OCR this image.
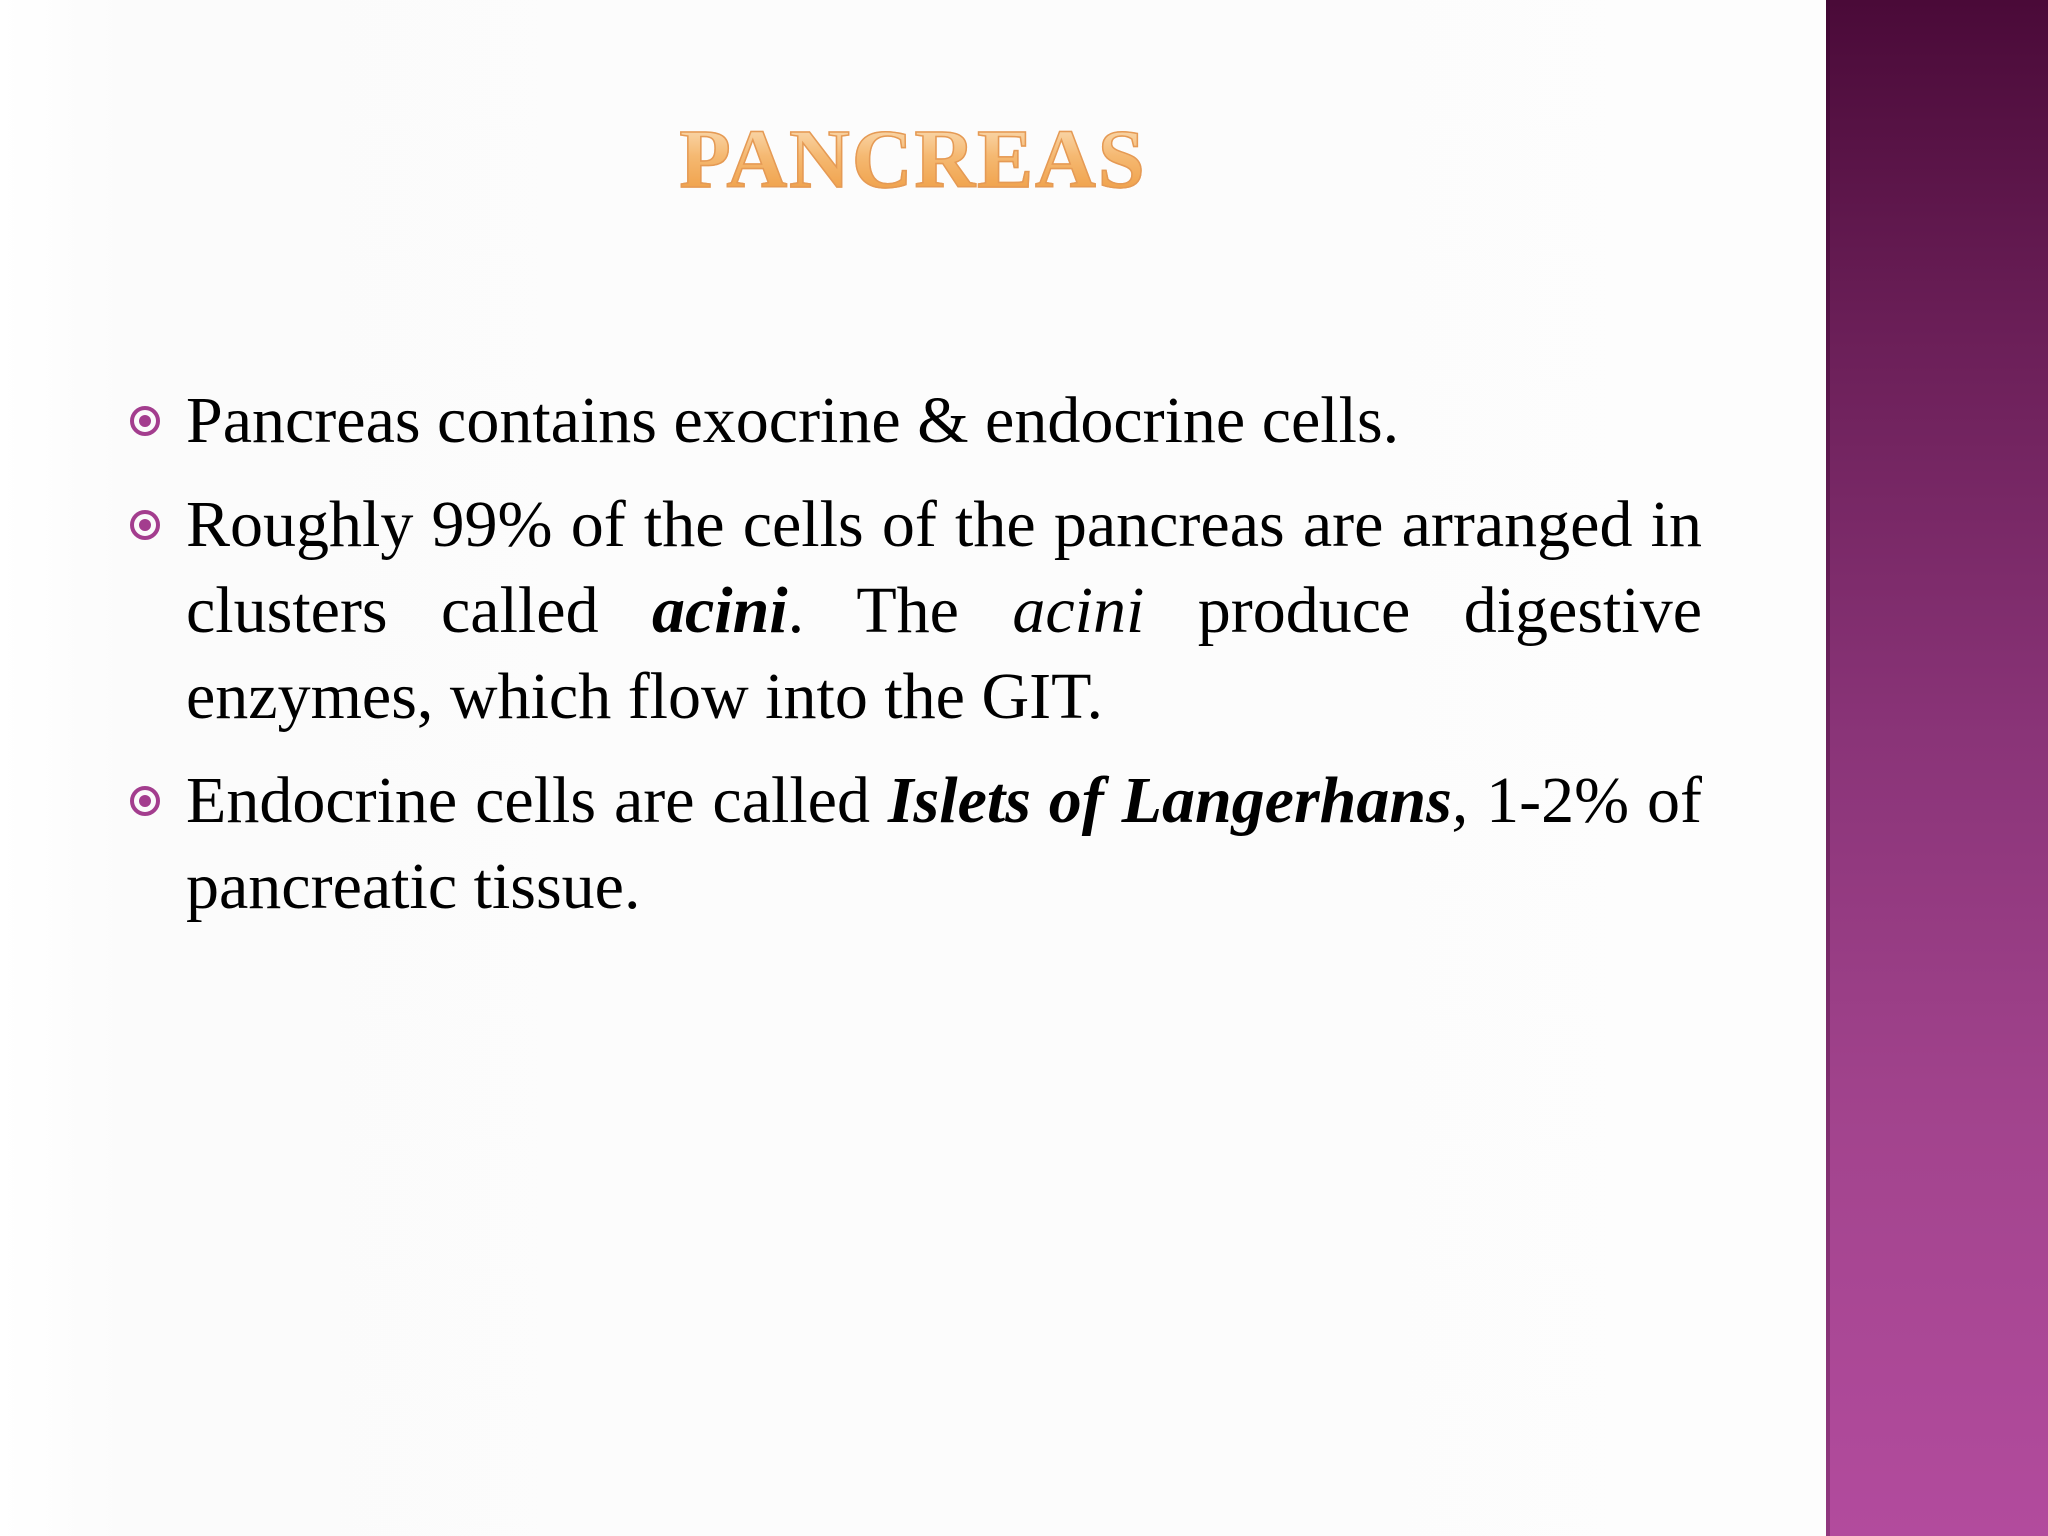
PANCREAS
Pancreas contains exocrine & endocrine cells.
Roughly 99% of the cells of the pancreas are arranged in clusters called acini. The acini produce digestive enzymes, which flow into the GIT.
Endocrine cells are called Islets of Langerhans, 1-2% of pancreatic tissue.
